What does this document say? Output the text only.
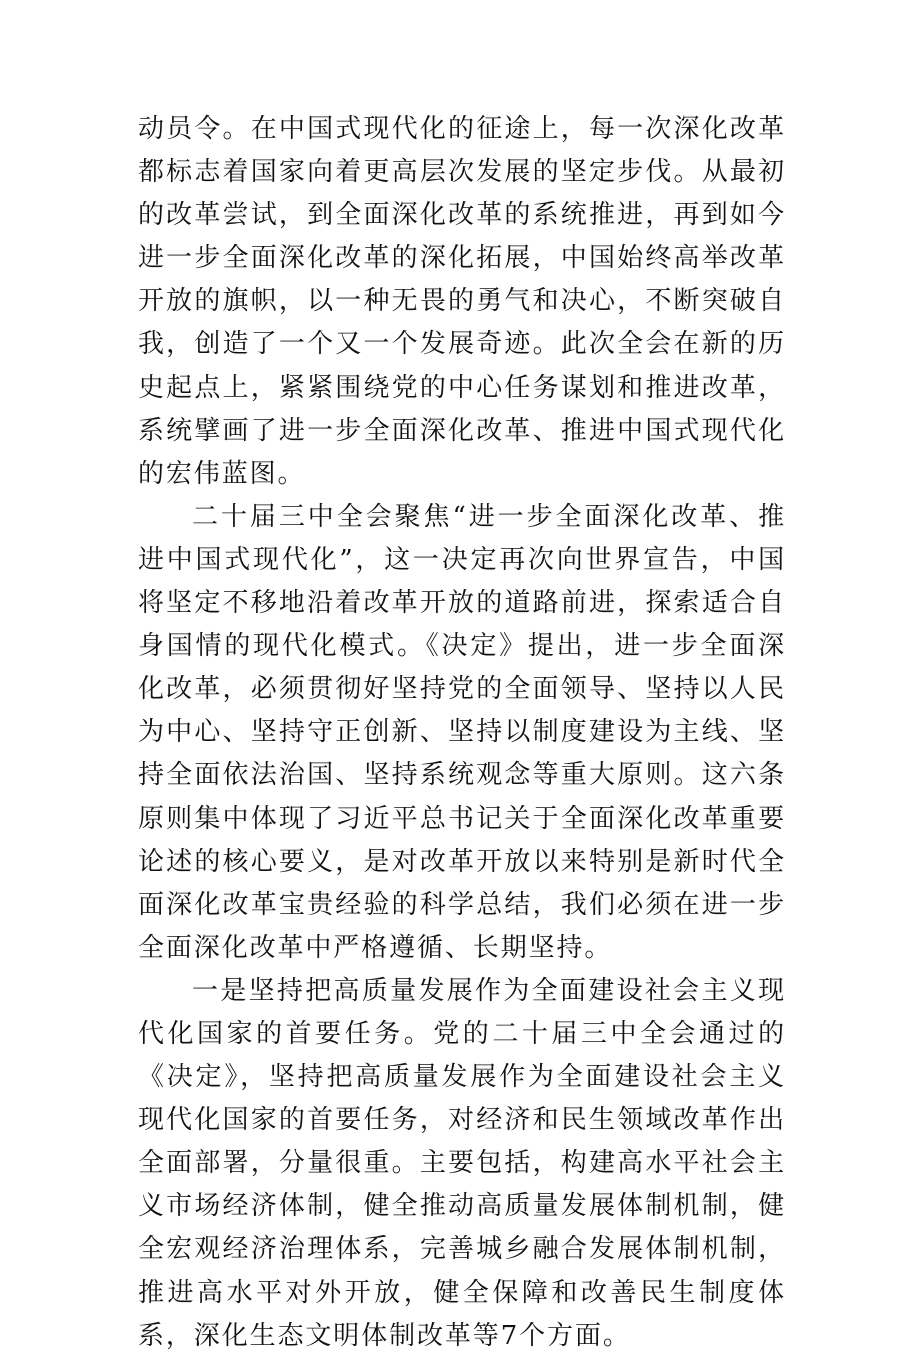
动员令。在中国式现代化的征途上，每一次深化改革都标志着国家向着更高层次发展的坚定步伐。从最初的改革尝试，到全面深化改革的系统推进，再到如今进一步全面深化改革的深化拓展，中国始终高举改革开放的旗帜，以一种无畏的勇气和决心，不断突破自我，创造了一个又一个发展奇迹。此次全会在新的历史起点上，紧紧围绕党的中心任务谋划和推进改革，系统擘画了进一步全面深化改革、推进中国式现代化的宏伟蓝图。

二十届三中全会聚焦“进一步全面深化改革、推进中国式现代化”，这一决定再次向世界宣告，中国将坚定不移地沿着改革开放的道路前进，探索适合自身国情的现代化模式。《决定》提出，进一步全面深化改革，必须贯彻好坚持党的全面领导、坚持以人民为中心、坚持守正创新、坚持以制度建设为主线、坚持全面依法治国、坚持系统观念等重大原则。这六条原则集中体现了习近平总书记关于全面深化改革重要论述的核心要义，是对改革开放以来特别是新时代全面深化改革宝贵经验的科学总结，我们必须在进一步全面深化改革中严格遵循、长期坚持。

一是坚持把高质量发展作为全面建设社会主义现代化国家的首要任务。党的二十届三中全会通过的《决定》，坚持把高质量发展作为全面建设社会主义现代化国家的首要任务，对经济和民生领域改革作出全面部署，分量很重。主要包括，构建高水平社会主义市场经济体制，健全推动高质量发展体制机制，健全宏观经济治理体系，完善城乡融合发展体制机制，推进高水平对外开放，健全保障和改善民生制度体系，深化生态文明体制改革等7个方面。
